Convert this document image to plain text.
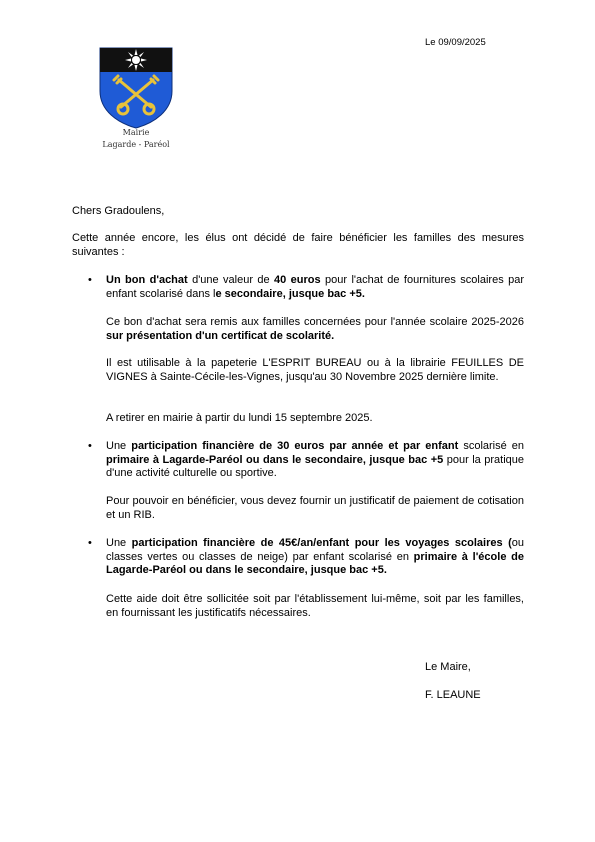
Le 09/09/2025
Mairie
Lagarde - Paréol
Chers Gradoulens,
Cette année encore, les élus ont décidé de faire bénéficier les familles des mesures suivantes :
• Un bon d'achat d'une valeur de 40 euros pour l'achat de fournitures scolaires par enfant scolarisé dans le secondaire, jusque bac +5.
Ce bon d'achat sera remis aux familles concernées pour l'année scolaire 2025-2026 sur présentation d'un certificat de scolarité.
Il est utilisable à la papeterie L'ESPRIT BUREAU ou à la librairie FEUILLES DE VIGNES à Sainte-Cécile-les-Vignes, jusqu'au 30 Novembre 2025 dernière limite.
A retirer en mairie à partir du lundi 15 septembre 2025.
• Une participation financière de 30 euros par année et par enfant scolarisé en primaire à Lagarde-Paréol ou dans le secondaire, jusque bac +5 pour la pratique d'une activité culturelle ou sportive.
Pour pouvoir en bénéficier, vous devez fournir un justificatif de paiement de cotisation et un RIB.
• Une participation financière de 45€/an/enfant pour les voyages scolaires (ou classes vertes ou classes de neige) par enfant scolarisé en primaire à l'école de Lagarde-Paréol ou dans le secondaire, jusque bac +5.
Cette aide doit être sollicitée soit par l'établissement lui-même, soit par les familles, en fournissant les justificatifs nécessaires.
Le Maire,
F. LEAUNE
